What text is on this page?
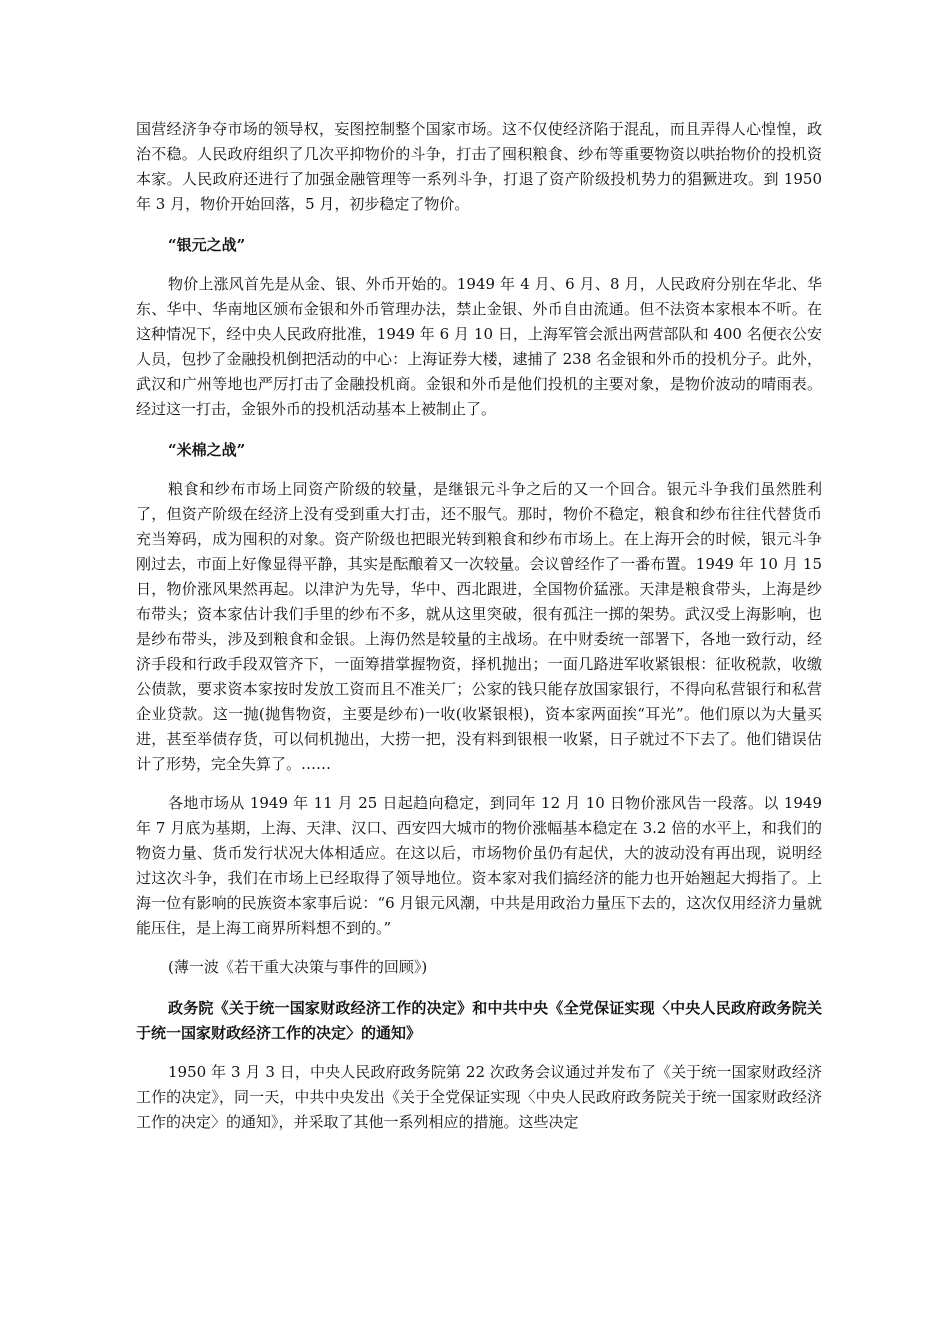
国营经济争夺市场的领导权，妄图控制整个国家市场。这不仅使经济陷于混乱，而且弄得人心惶惶，政治不稳。人民政府组织了几次平抑物价的斗争，打击了囤积粮食、纱布等重要物资以哄抬物价的投机资本家。人民政府还进行了加强金融管理等一系列斗争，打退了资产阶级投机势力的猖獗进攻。到 1950 年 3 月，物价开始回落，5 月，初步稳定了物价。

“银元之战”

物价上涨风首先是从金、银、外币开始的。1949 年 4 月、6 月、8 月，人民政府分别在华北、华东、华中、华南地区颁布金银和外币管理办法，禁止金银、外币自由流通。但不法资本家根本不听。在这种情况下，经中央人民政府批准，1949 年 6 月 10 日，上海军管会派出两营部队和 400 名便衣公安人员，包抄了金融投机倒把活动的中心：上海证券大楼，逮捕了 238 名金银和外币的投机分子。此外，武汉和广州等地也严厉打击了金融投机商。金银和外币是他们投机的主要对象，是物价波动的晴雨表。经过这一打击，金银外币的投机活动基本上被制止了。

“米棉之战”

粮食和纱布市场上同资产阶级的较量，是继银元斗争之后的又一个回合。银元斗争我们虽然胜利了，但资产阶级在经济上没有受到重大打击，还不服气。那时，物价不稳定，粮食和纱布往往代替货币充当筹码，成为囤积的对象。资产阶级也把眼光转到粮食和纱布市场上。在上海开会的时候，银元斗争刚过去，市面上好像显得平静，其实是酝酿着又一次较量。会议曾经作了一番布置。1949 年 10 月 15 日，物价涨风果然再起。以津沪为先导，华中、西北跟进，全国物价猛涨。天津是粮食带头，上海是纱布带头；资本家估计我们手里的纱布不多，就从这里突破，很有孤注一掷的架势。武汉受上海影响，也是纱布带头，涉及到粮食和金银。上海仍然是较量的主战场。在中财委统一部署下，各地一致行动，经济手段和行政手段双管齐下，一面筹措掌握物资，择机抛出；一面几路进军收紧银根：征收税款，收缴公债款，要求资本家按时发放工资而且不准关厂；公家的钱只能存放国家银行，不得向私营银行和私营企业贷款。这一抛(抛售物资，主要是纱布)一收(收紧银根)，资本家两面挨“耳光”。他们原以为大量买进，甚至举债存货，可以伺机抛出，大捞一把，没有料到银根一收紧，日子就过不下去了。他们错误估计了形势，完全失算了。……

各地市场从 1949 年 11 月 25 日起趋向稳定，到同年 12 月 10 日物价涨风告一段落。以 1949 年 7 月底为基期，上海、天津、汉口、西安四大城市的物价涨幅基本稳定在 3.2 倍的水平上，和我们的物资力量、货币发行状况大体相适应。在这以后，市场物价虽仍有起伏，大的波动没有再出现，说明经过这次斗争，我们在市场上已经取得了领导地位。资本家对我们搞经济的能力也开始翘起大拇指了。上海一位有影响的民族资本家事后说：“6 月银元风潮，中共是用政治力量压下去的，这次仅用经济力量就能压住，是上海工商界所料想不到的。”

(薄一波《若干重大决策与事件的回顾》)

政务院《关于统一国家财政经济工作的决定》和中共中央《全党保证实现〈中央人民政府政务院关于统一国家财政经济工作的决定〉的通知》

1950 年 3 月 3 日，中央人民政府政务院第 22 次政务会议通过并发布了《关于统一国家财政经济工作的决定》，同一天，中共中央发出《关于全党保证实现〈中央人民政府政务院关于统一国家财政经济工作的决定〉的通知》，并采取了其他一系列相应的措施。这些决定
